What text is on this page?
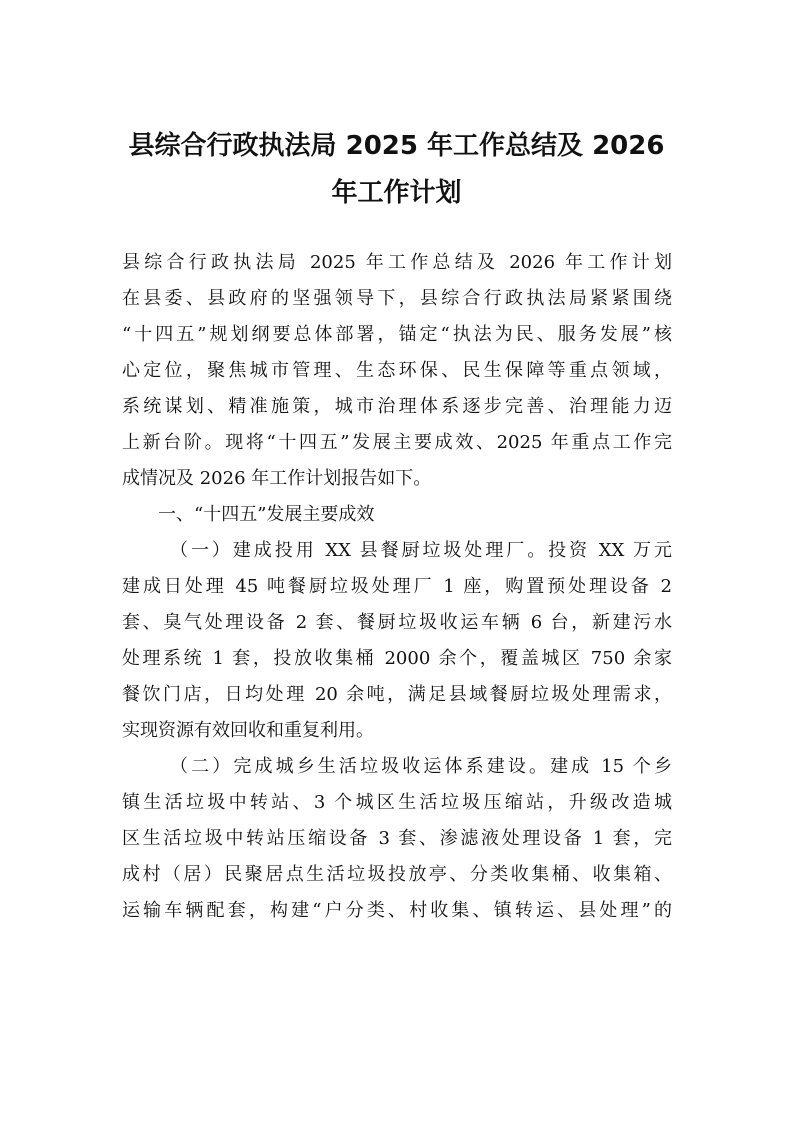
县综合行政执法局 2025 年工作总结及 2026
年工作计划
县综合行政执法局 2025 年工作总结及 2026 年工作计划
在县委、县政府的坚强领导下，县综合行政执法局紧紧围绕
“十四五”规划纲要总体部署，锚定“执法为民、服务发展”核
心定位，聚焦城市管理、生态环保、民生保障等重点领域，
系统谋划、精准施策，城市治理体系逐步完善、治理能力迈
上新台阶。现将“十四五”发展主要成效、2025 年重点工作完
成情况及 2026 年工作计划报告如下。
一、“十四五”发展主要成效
（一）建成投用 XX 县餐厨垃圾处理厂。投资 XX 万元
建成日处理 45 吨餐厨垃圾处理厂 1 座，购置预处理设备 2
套、臭气处理设备 2 套、餐厨垃圾收运车辆 6 台，新建污水
处理系统 1 套，投放收集桶 2000 余个，覆盖城区 750 余家
餐饮门店，日均处理 20 余吨，满足县域餐厨垃圾处理需求，
实现资源有效回收和重复利用。
（二）完成城乡生活垃圾收运体系建设。建成 15 个乡
镇生活垃圾中转站、3 个城区生活垃圾压缩站，升级改造城
区生活垃圾中转站压缩设备 3 套、渗滤液处理设备 1 套，完
成村（居）民聚居点生活垃圾投放亭、分类收集桶、收集箱、
运输车辆配套，构建“户分类、村收集、镇转运、县处理”的
